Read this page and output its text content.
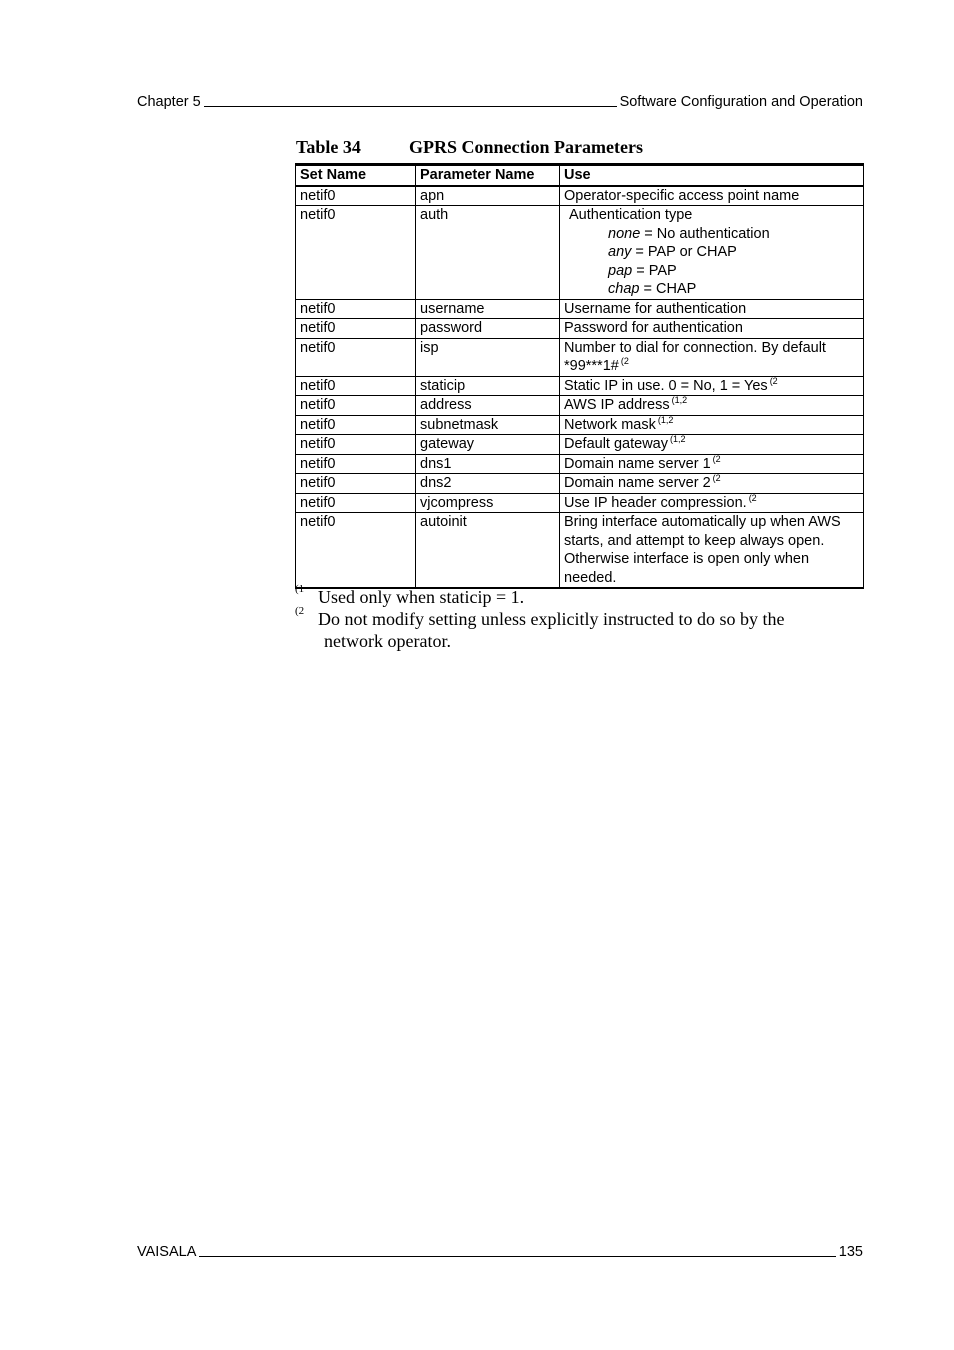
Chapter 5	Software Configuration and Operation
Table 34	GPRS Connection Parameters
Set Name	Parameter Name	Use
netif0	apn	Operator-specific access point name
netif0	auth	Authentication type
none = No authentication
any = PAP or CHAP
pap = PAP
chap = CHAP

netif0	username	Username for authentication
netif0	password	Password for authentication
netif0	isp	Number to dial for connection. By default *99***1# $^{(2}$
netif0	staticip	Static IP in use. 0 = No, 1 = Yes $^{(2}$
netif0	address	AWS IP address $^{(1,2}$
netif0	subnetmask	Network mask $^{(1,2}$
netif0	gateway	Default gateway $^{(1,2}$
netif0	dns1	Domain name server 1 $^{(2}$
netif0	dns2	Domain name server 2 $^{(2}$
netif0	vjcompress	Use IP header compression. $^{(2}$
netif0	autoinit	Bring interface automatically up when AWS starts, and attempt to keep always open. Otherwise interface is open only when needed.
(1 Used only when staticip = 1.
(2 Do not modify setting unless explicitly instructed to do so by the
network operator.
VAISALA	135
